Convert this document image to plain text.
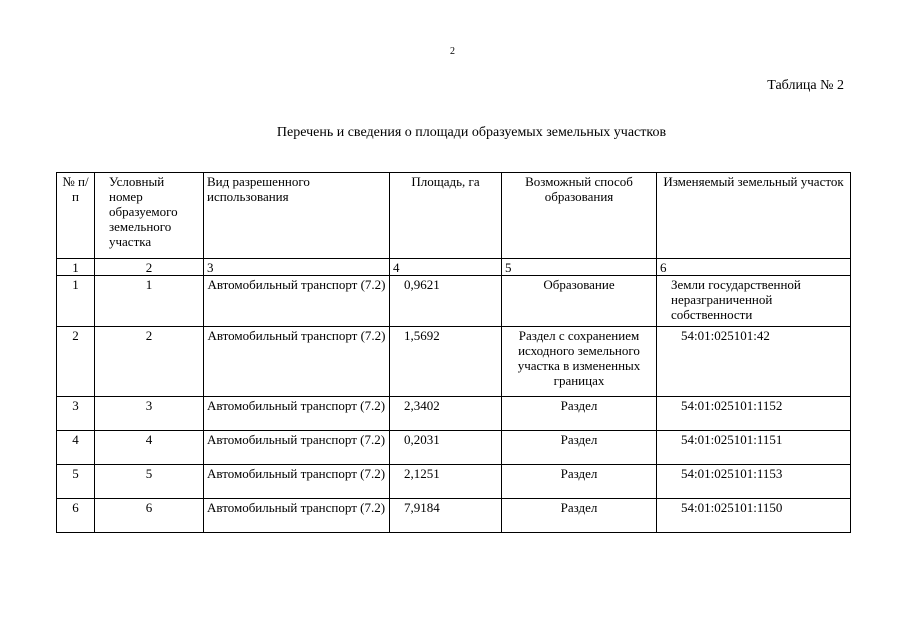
2
Таблица № 2
Перечень и сведения о площади образуемых земельных участков
№ п/п	Условный номер образуемого земельного участка	Вид разрешенного использования	Площадь, га	Возможный способ образования	Изменяемый земельный участок
1	2	3	4	5	6
1	1	Автомобильный транспорт (7.2)	0,9621	Образование	Земли государственной неразграниченной собственности
2	2	Автомобильный транспорт (7.2)	1,5692	Раздел с сохранением исходного земельного участка в измененных границах	54:01:025101:42
3	3	Автомобильный транспорт (7.2)	2,3402	Раздел	54:01:025101:1152
4	4	Автомобильный транспорт (7.2)	0,2031	Раздел	54:01:025101:1151
5	5	Автомобильный транспорт (7.2)	2,1251	Раздел	54:01:025101:1153
6	6	Автомобильный транспорт (7.2)	7,9184	Раздел	54:01:025101:1150
